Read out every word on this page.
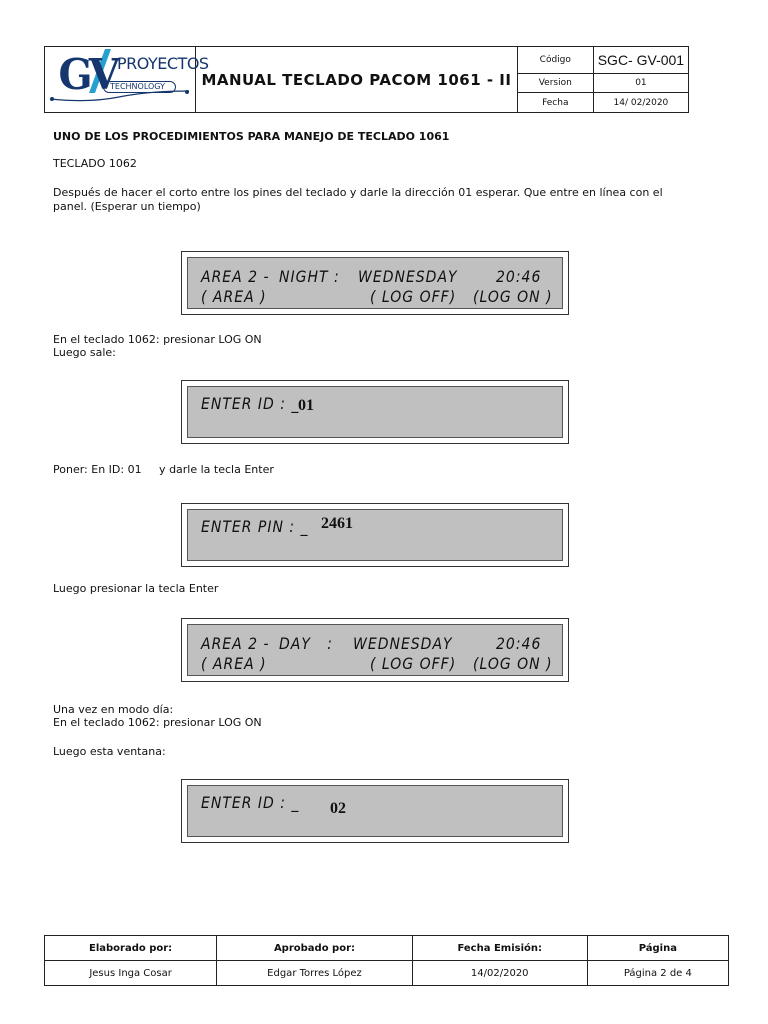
GV PROYECTOS
TECHNOLOGY	MANUAL TECLADO PACOM 1061 - II	Código	SGC- GV-001
		Version	01
		Fecha	14/ 02/2020

UNO DE LOS PROCEDIMIENTOS PARA MANEJO DE TECLADO 1061

TECLADO 1062

Después de hacer el corto entre los pines del teclado y darle la dirección 01 esperar. Que entre en línea con el

panel. (Esperar un tiempo)

AREA 2 - NIGHT : WEDNESDAY	20:46
( AREA )	( LOG OFF) (LOG ON )

En el teclado 1062: presionar LOG ON

Luego sale:

ENTER ID : _
01

Poner: En ID: 01     y darle la tecla Enter

ENTER PIN : _ 2461

Luego presionar la tecla Enter

AREA 2 - DAY   : WEDNESDAY	20:46
( AREA )	( LOG OFF) (LOG ON )

Una vez en modo día:

En el teclado 1062: presionar LOG ON

Luego esta ventana:

ENTER ID : _ 02
Elaborado por:	Aprobado por:	Fecha Emisión:	Página
Jesus Inga Cosar	Edgar Torres López	14/02/2020	Página 2 de 4
